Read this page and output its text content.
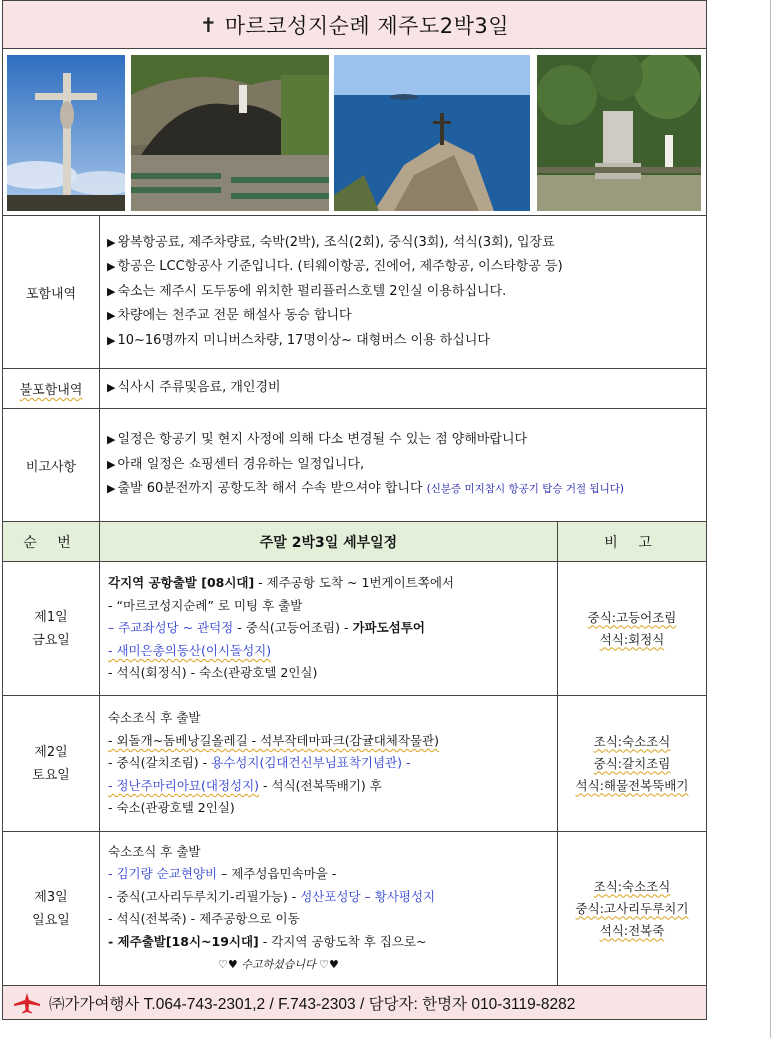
✝ 마르코성지순례 제주도2박3일
포함내역
▶ 왕복항공료, 제주차량료, 숙박(2박), 조식(2회), 중식(3회), 석식(3회), 입장료
▶ 항공은 LCC항공사 기준입니다. (티웨이항공, 진에어, 제주항공, 이스타항공 등)
▶ 숙소는 제주시 도두동에 위치한 펄리플러스호텔 2인실 이용하십니다.
▶ 차량에는 천주교 전문 해설사 동승 합니다
▶ 10~16명까지 미니버스차량, 17명이상~ 대형버스 이용 하십니다
불포함내역 ▶ 식사시 주류및음료, 개인경비
비고사항
▶ 일정은 항공기 및 현지 사정에 의해 다소 변경될 수 있는 점 양해바랍니다
▶ 아래 일정은 쇼핑센터 경유하는 일정입니다,
▶ 출발 60분전까지 공항도착 해서 수속 받으셔야 합니다 (신분증 미지참시 항공기 탑승 거절 됩니다)
순 번	주말 2박3일 세부일정	비 고
제1일
금요일
각지역 공항출발 [08시대] - 제주공항 도착 ~ 1번게이트쪽에서
- “마르코성지순례” 로 미팅 후 출발
– 주교좌성당 ~ 관덕정 - 중식(고등어조림) - 가파도섬투어
- 새미은총의동산(이시돌성지)
- 석식(회정식) - 숙소(관광호텔 2인실)
중식:고등어조림
석식:회정식
제2일
토요일
숙소조식 후 출발
- 외돌개~돔베낭길올레길 - 석부작테마파크(감귤대체작물관)
- 중식(갈치조림) - 용수성지(김대건신부님표착기념관) -
- 정난주마리아묘(대정성지) - 석식(전복뚝배기) 후
- 숙소(관광호텔 2인실)
조식:숙소조식
중식:갈치조림
석식:해물전복뚝배기
제3일
일요일
숙소조식 후 출발
- 김기량 순교현양비 – 제주성읍민속마을 -
- 중식(고사리두루치기-리필가능) - 성산포성당 – 황사평성지
- 석식(전복죽) - 제주공항으로 이동
- 제주출발[18시~19시대] - 각지역 공항도착 후 집으로~
♡♥ 수고하셨습니다 ♡♥
조식:숙소조식
중식:고사리두루치기
석식:전복죽
㈜가가여행사 T.064-743-2301,2 / F.743-2303 / 담당자: 한명자 010-3119-8282
